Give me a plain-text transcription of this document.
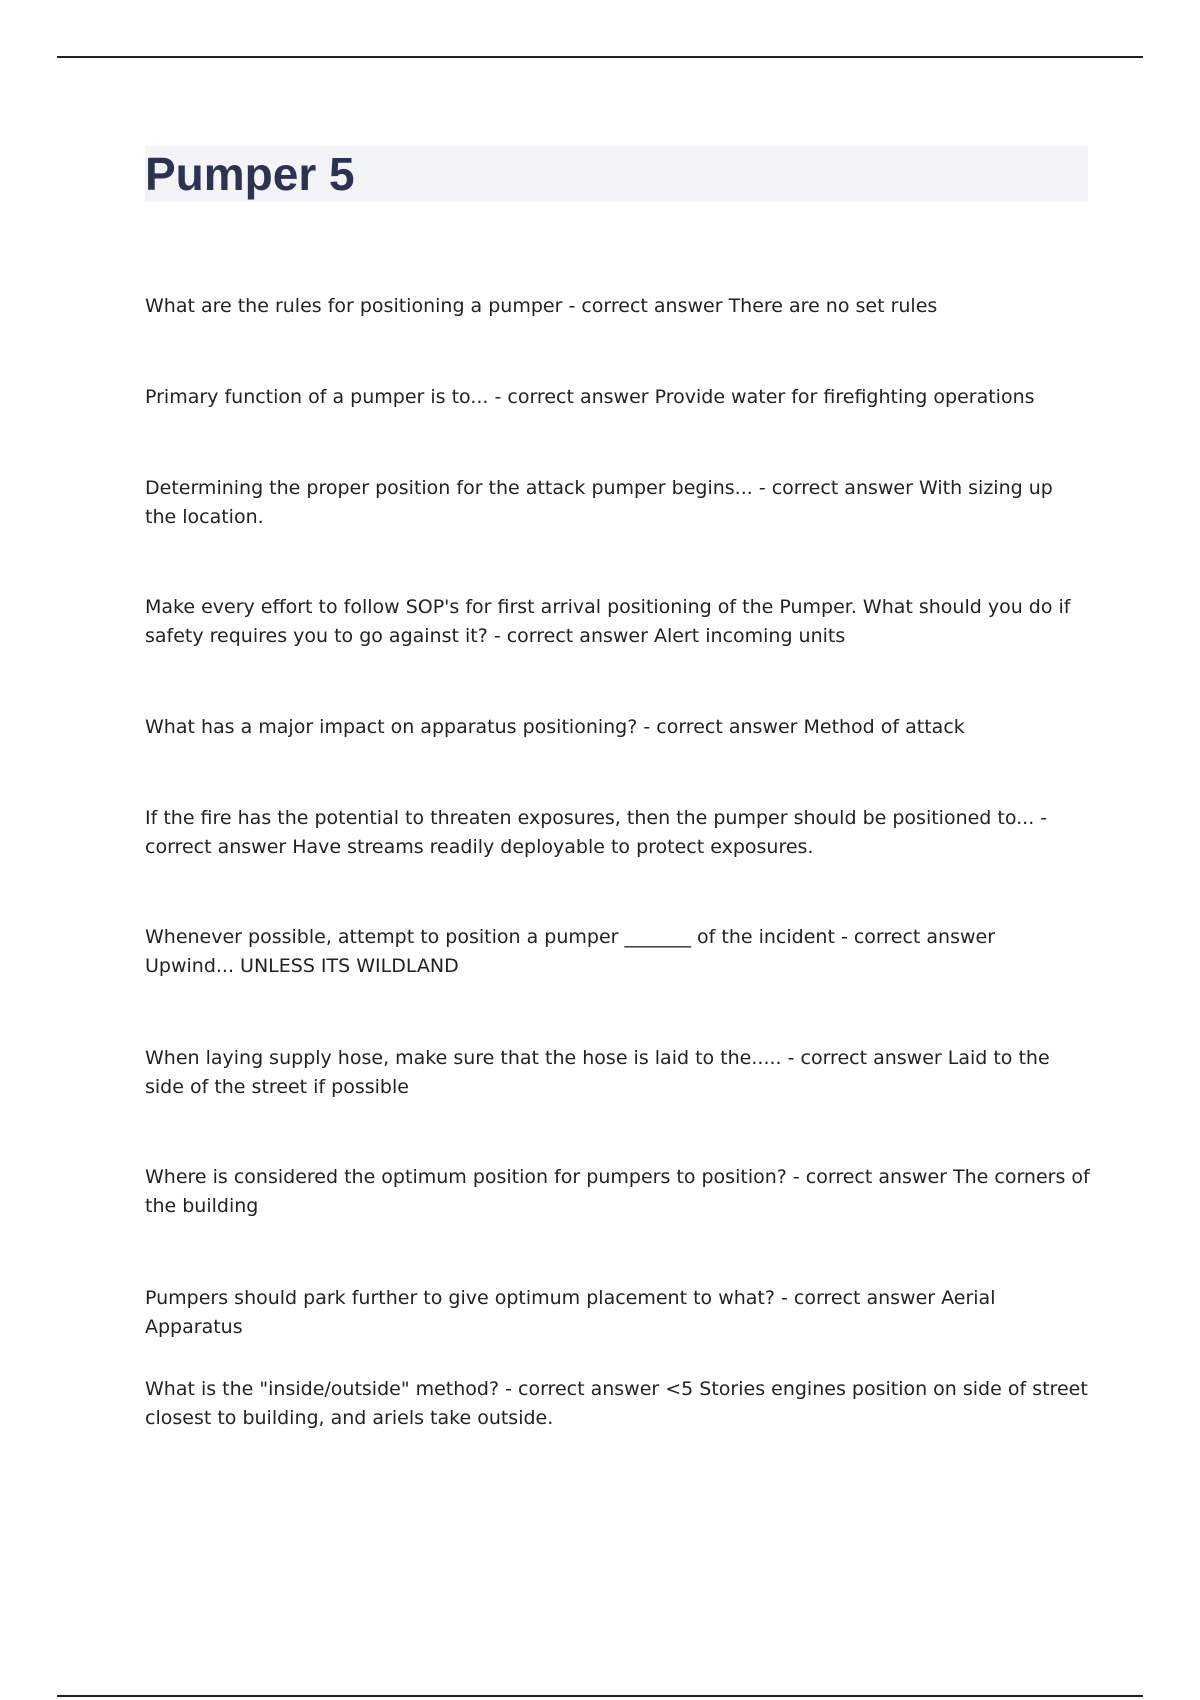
Pumper 5

What are the rules for positioning a pumper - correct answer There are no set rules

Primary function of a pumper is to... - correct answer Provide water for firefighting operations

Determining the proper position for the attack pumper begins... - correct answer With sizing up the location.

Make every effort to follow SOP's for first arrival positioning of the Pumper. What should you do if safety requires you to go against it? - correct answer Alert incoming units

What has a major impact on apparatus positioning? - correct answer Method of attack

If the fire has the potential to threaten exposures, then the pumper should be positioned to... - correct answer Have streams readily deployable to protect exposures.

Whenever possible, attempt to position a pumper _______ of the incident - correct answer Upwind... UNLESS ITS WILDLAND

When laying supply hose, make sure that the hose is laid to the..... - correct answer Laid to the side of the street if possible

Where is considered the optimum position for pumpers to position? - correct answer The corners of the building

Pumpers should park further to give optimum placement to what? - correct answer Aerial Apparatus

What is the "inside/outside" method? - correct answer <5 Stories engines position on side of street closest to building, and ariels take outside.
